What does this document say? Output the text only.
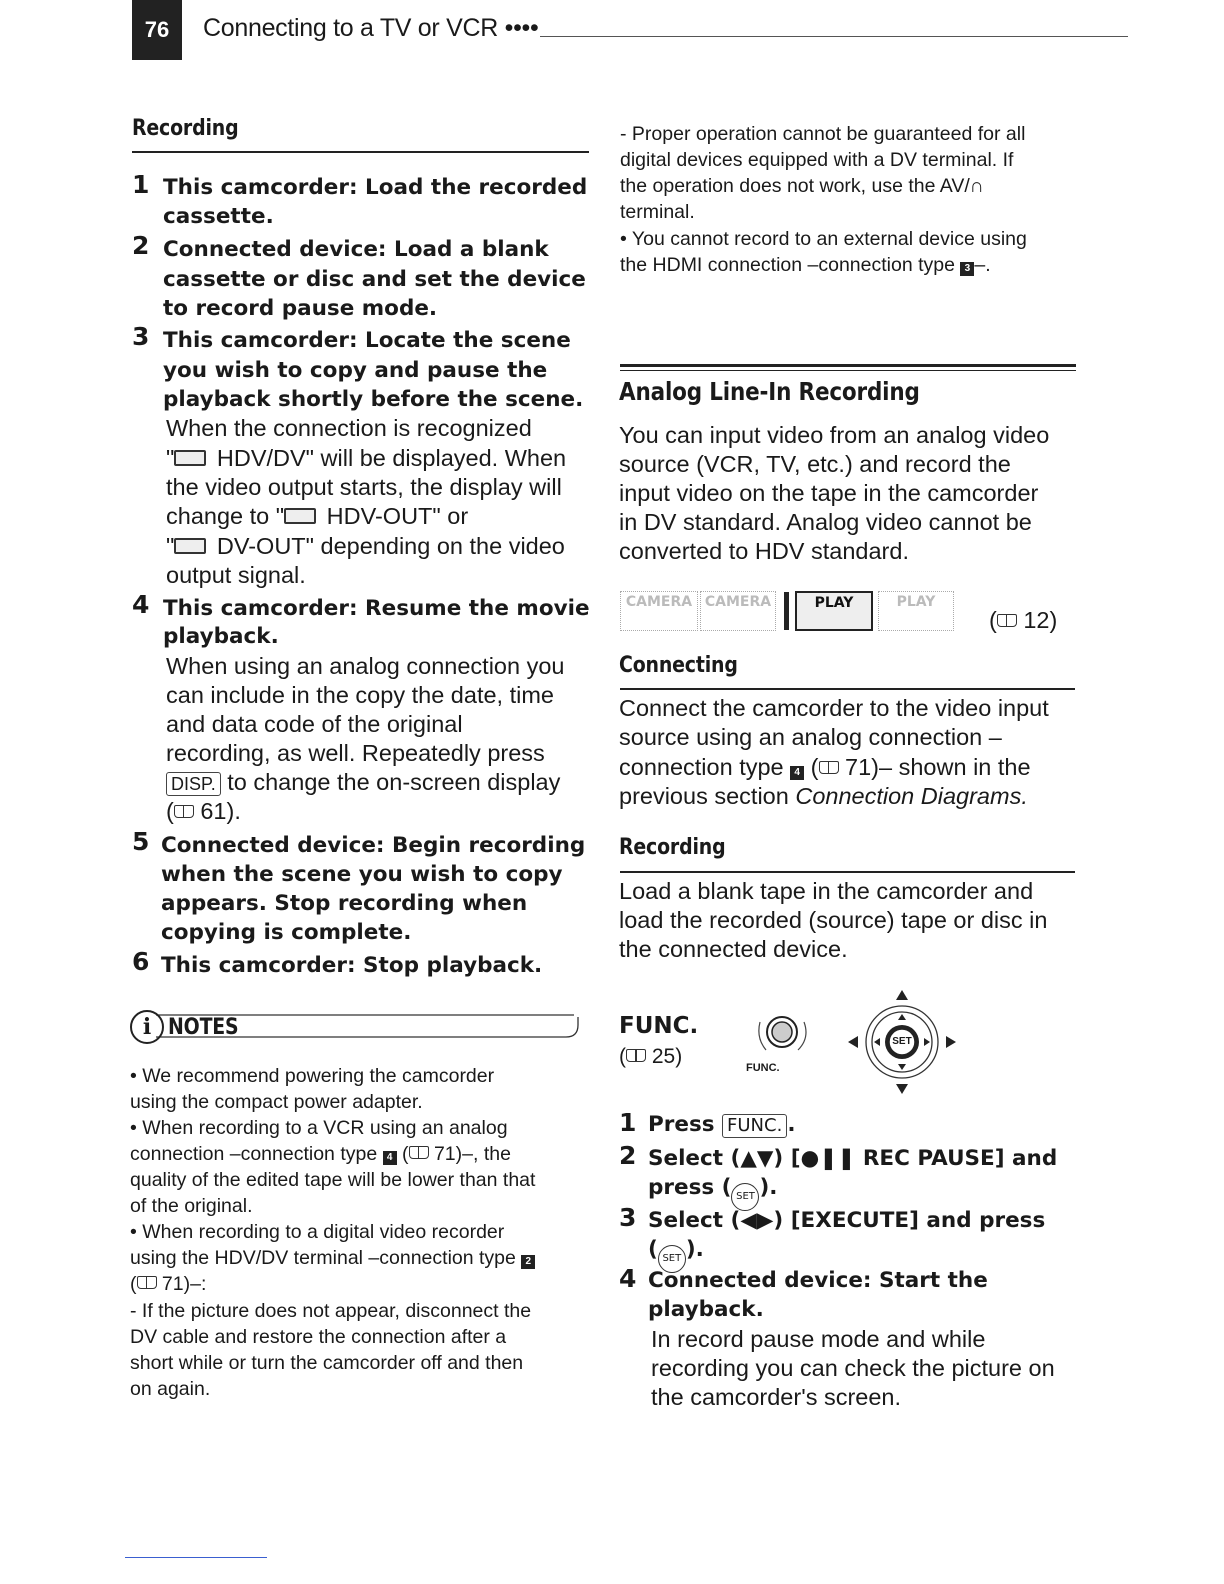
76 Connecting to a TV or VCR ••••
Recording
1 This camcorder: Load the recorded
cassette.
2 Connected device: Load a blank
cassette or disc and set the device
to record pause mode.
3 This camcorder: Locate the scene
you wish to copy and pause the
playback shortly before the scene.
When the connection is recognized
" HDV/DV" will be displayed. When
the video output starts, the display will
change to " HDV-OUT" or
" DV-OUT" depending on the video
output signal.
4 This camcorder: Resume the movie
playback.
When using an analog connection you
can include in the copy the date, time
and data code of the original
recording, as well. Repeatedly press
DISP. to change the on-screen display
( 61).
5 Connected device: Begin recording
when the scene you wish to copy
appears. Stop recording when
copying is complete.
6 This camcorder: Stop playback.
i NOTES
• We recommend powering the camcorder
using the compact power adapter.
• When recording to a VCR using an analog
connection –connection type 4 ( 71)–, the
quality of the edited tape will be lower than that
of the original.
• When recording to a digital video recorder
using the HDV/DV terminal –connection type 2
( 71)–:
- If the picture does not appear, disconnect the
DV cable and restore the connection after a
short while or turn the camcorder off and then
on again.
- Proper operation cannot be guaranteed for all
digital devices equipped with a DV terminal. If
the operation does not work, use the AV/∩
terminal.
• You cannot record to an external device using
the HDMI connection –connection type 3 –.
Analog Line-In Recording
You can input video from an analog video
source (VCR, TV, etc.) and record the
input video on the tape in the camcorder
in DV standard. Analog video cannot be
converted to HDV standard.
CAMERA CAMERA	PLAY	PLAY
( 12)
Connecting
Connect the camcorder to the video input
source using an analog connection –
connection type 4 ( 71)– shown in the
previous section Connection Diagrams.
Recording
Load a blank tape in the camcorder and
load the recorded (source) tape or disc in
the connected device.
FUNC.
( 25)	FUNC.
SET
1 Press FUNC. .
2 Select (▲▼) [●❚❚ REC PAUSE] and
press ( SET ).
3 Select (◀▶) [EXECUTE] and press
( SET ).
4 Connected device: Start the
playback.
In record pause mode and while
recording you can check the picture on
the camcorder's screen.
